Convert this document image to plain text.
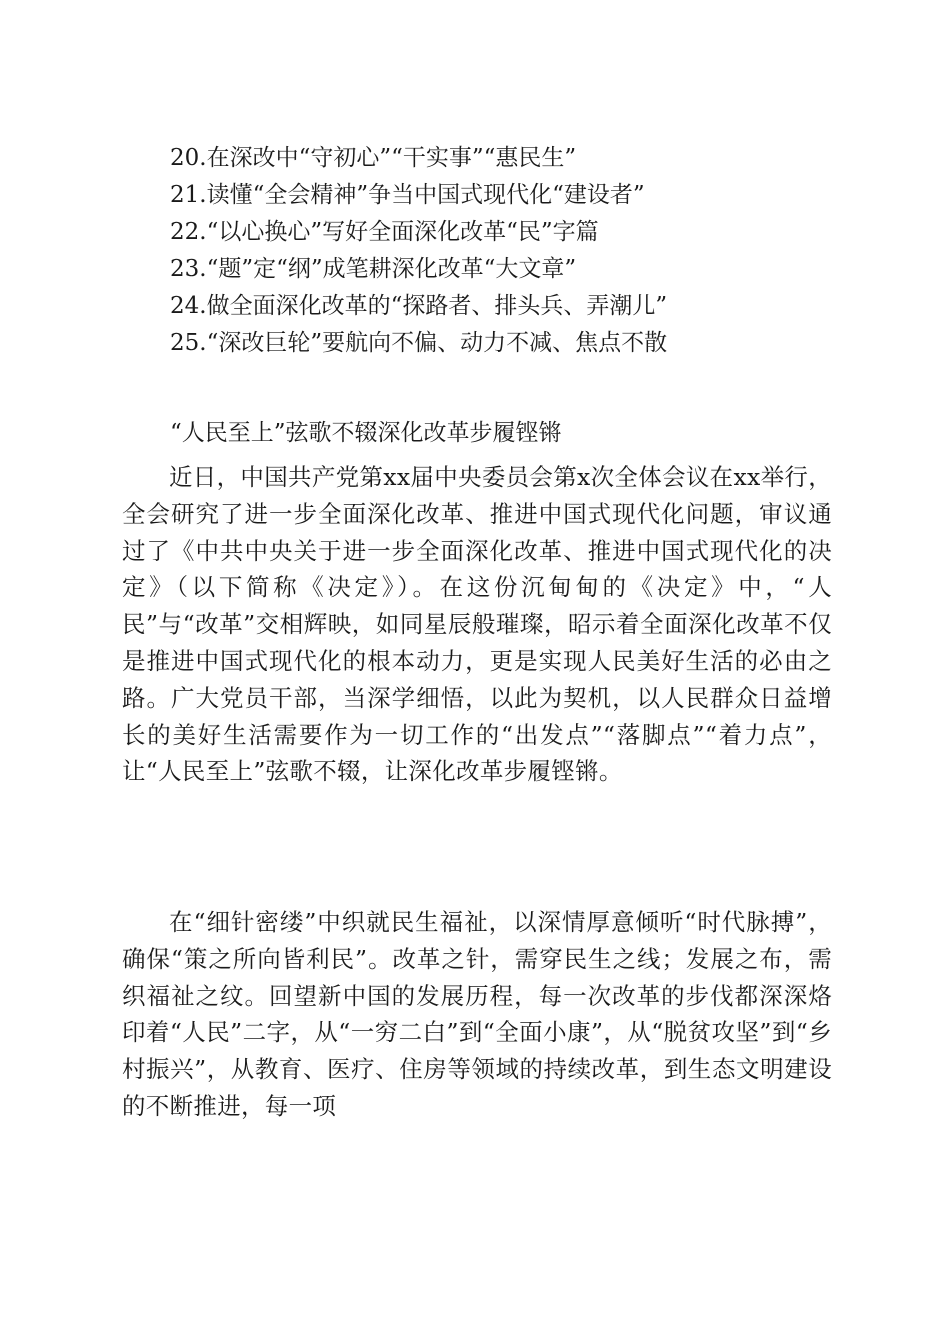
20.在深改中“守初心”“干实事”“惠民生”
21.读懂“全会精神”争当中国式现代化“建设者”
22.“以心换心”写好全面深化改革“民”字篇
23.“题”定“纲”成笔耕深化改革“大文章”
24.做全面深化改革的“探路者、排头兵、弄潮儿”
25.“深改巨轮”要航向不偏、动力不减、焦点不散
“人民至上”弦歌不辍深化改革步履铿锵

近日，中国共产党第xx届中央委员会第x次全体会议在xx举行，全会研究了进一步全面深化改革、推进中国式现代化问题，审议通过了《中共中央关于进一步全面深化改革、推进中国式现代化的决定》（以下简称《决定》）。在这份沉甸甸的《决定》中，“人民”与“改革”交相辉映，如同星辰般璀璨，昭示着全面深化改革不仅是推进中国式现代化的根本动力，更是实现人民美好生活的必由之路。广大党员干部，当深学细悟，以此为契机，以人民群众日益增长的美好生活需要作为一切工作的“出发点”“落脚点”“着力点”，让“人民至上”弦歌不辍，让深化改革步履铿锵。

在“细针密缕”中织就民生福祉，以深情厚意倾听“时代脉搏”，确保“策之所向皆利民”。改革之针，需穿民生之线；发展之布，需织福祉之纹。回望新中国的发展历程，每一次改革的步伐都深深烙印着“人民”二字，从“一穷二白”到“全面小康”，从“脱贫攻坚”到“乡村振兴”，从教育、医疗、住房等领域的持续改革，到生态文明建设的不断推进，每一项
